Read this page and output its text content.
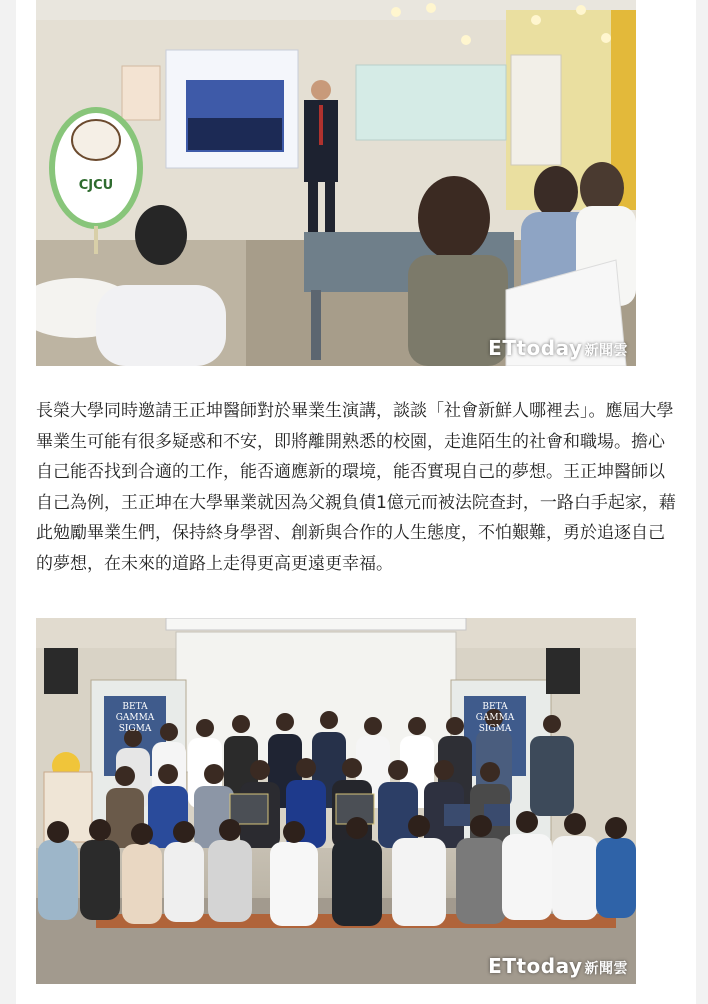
CJCU
ETtoday 新聞雲

長榮大學同時邀請王正坤醫師對於畢業生演講，談談「社會新鮮人哪裡去」。應屆大學畢業生可能有很多疑惑和不安，即將離開熟悉的校園，走進陌生的社會和職場。擔心自己能否找到合適的工作，能否適應新的環境，能否實現自己的夢想。王正坤醫師以自己為例，王正坤在大學畢業就因為父親負債1億元而被法院查封，一路白手起家，藉此勉勵畢業生們，保持終身學習、創新與合作的人生態度，不怕艱難，勇於追逐自己的夢想，在未來的道路上走得更高更遠更幸福。

BETA GAMMA SIGMA
BETA GAMMA SIGMA
ETtoday 新聞雲
